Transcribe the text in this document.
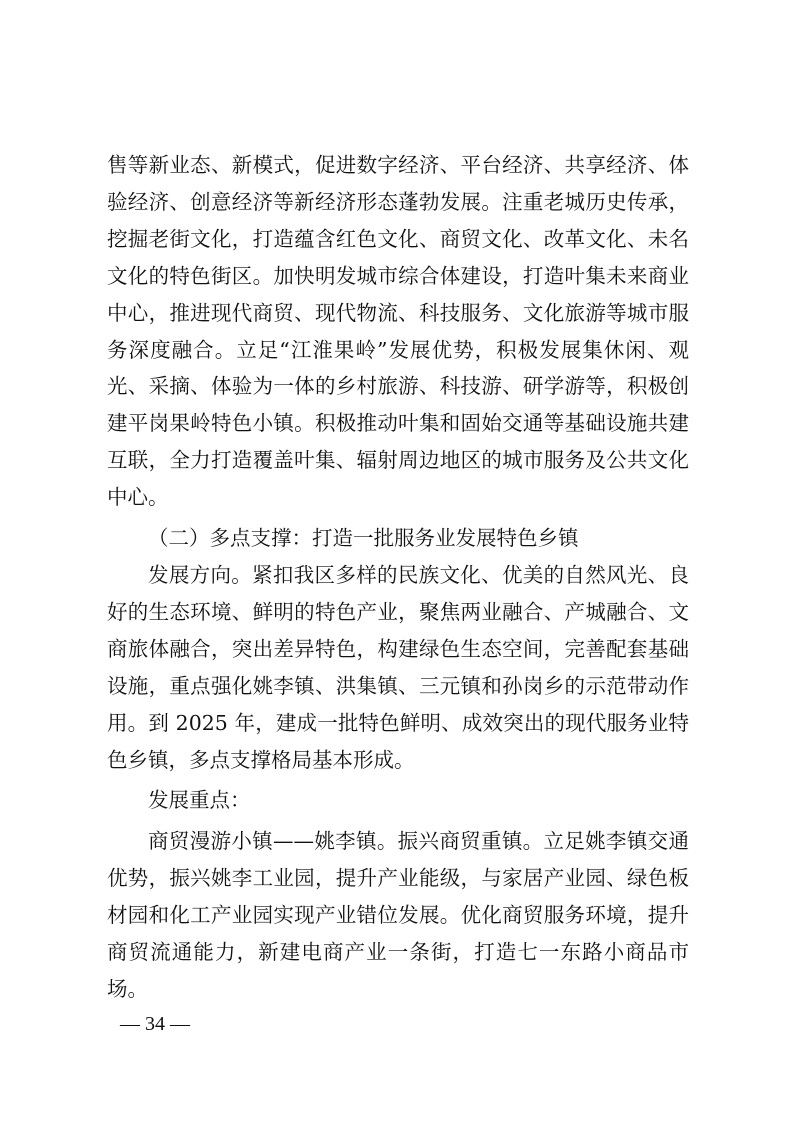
售等新业态、新模式，促进数字经济、平台经济、共享经济、体验经济、创意经济等新经济形态蓬勃发展。注重老城历史传承，挖掘老街文化，打造蕴含红色文化、商贸文化、改革文化、未名文化的特色街区。加快明发城市综合体建设，打造叶集未来商业中心，推进现代商贸、现代物流、科技服务、文化旅游等城市服务深度融合。立足“江淮果岭”发展优势，积极发展集休闲、观光、采摘、体验为一体的乡村旅游、科技游、研学游等，积极创建平岗果岭特色小镇。积极推动叶集和固始交通等基础设施共建互联，全力打造覆盖叶集、辐射周边地区的城市服务及公共文化中心。

（二）多点支撑：打造一批服务业发展特色乡镇

发展方向。紧扣我区多样的民族文化、优美的自然风光、良好的生态环境、鲜明的特色产业，聚焦两业融合、产城融合、文商旅体融合，突出差异特色，构建绿色生态空间，完善配套基础设施，重点强化姚李镇、洪集镇、三元镇和孙岗乡的示范带动作用。到 2025 年，建成一批特色鲜明、成效突出的现代服务业特色乡镇，多点支撑格局基本形成。

发展重点：

商贸漫游小镇——姚李镇。振兴商贸重镇。立足姚李镇交通优势，振兴姚李工业园，提升产业能级，与家居产业园、绿色板材园和化工产业园实现产业错位发展。优化商贸服务环境，提升商贸流通能力，新建电商产业一条街，打造七一东路小商品市场。

— 34 —
